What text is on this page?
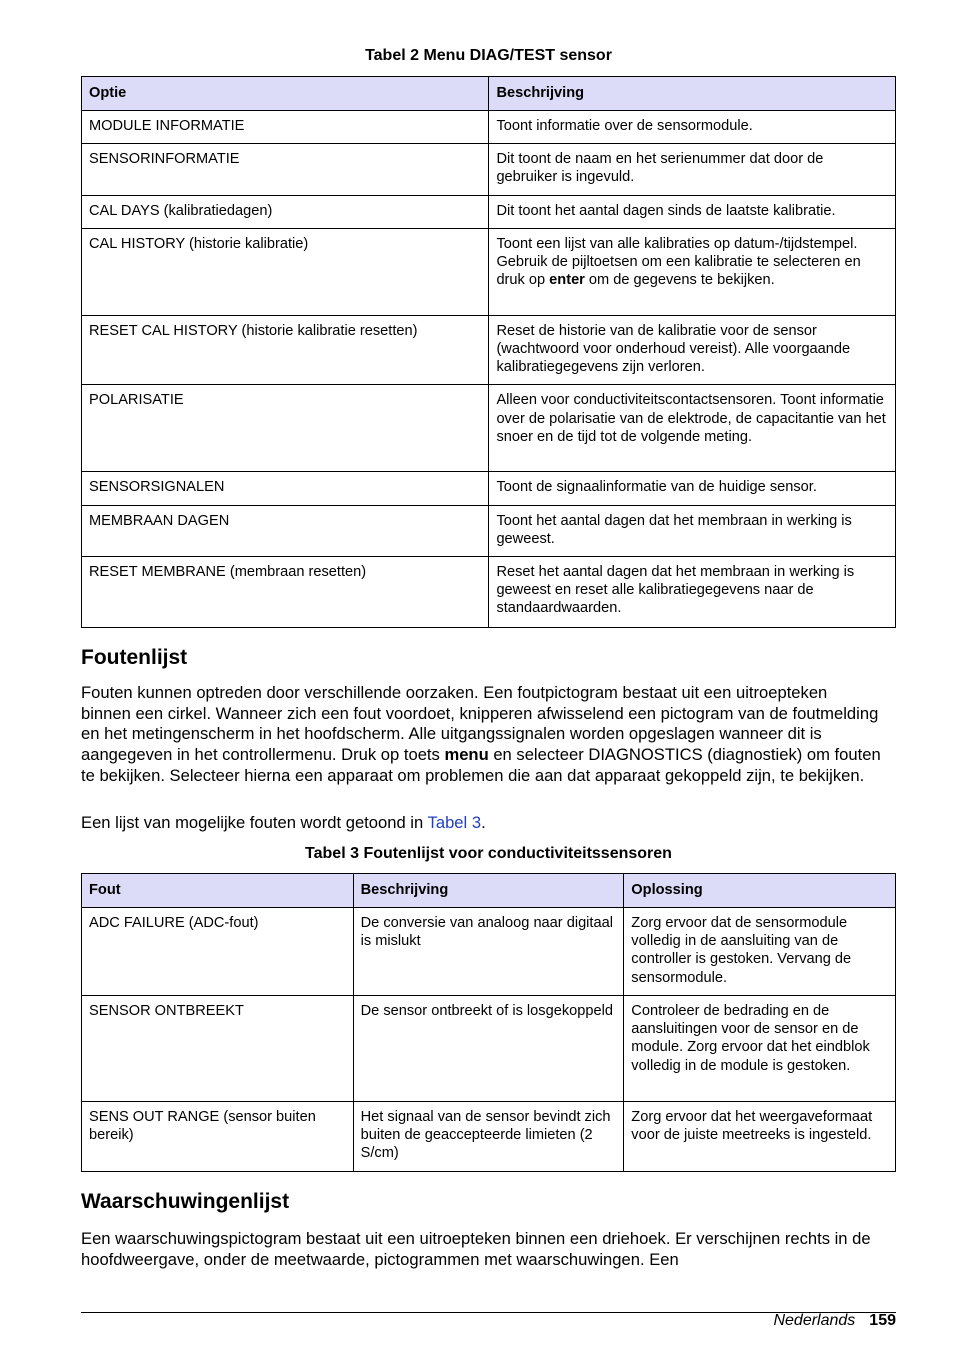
Tabel 2 Menu DIAG/TEST sensor
Optie	Beschrijving
MODULE INFORMATIE	Toont informatie over de sensormodule.
SENSORINFORMATIE	Dit toont de naam en het serienummer dat door de gebruiker is ingevuld.
CAL DAYS (kalibratiedagen)	Dit toont het aantal dagen sinds de laatste kalibratie.
CAL HISTORY (historie kalibratie)	Toont een lijst van alle kalibraties op datum-/tijdstempel. Gebruik de pijltoetsen om een kalibratie te selecteren en druk op enter om de gegevens te bekijken.
RESET CAL HISTORY (historie kalibratie resetten)	Reset de historie van de kalibratie voor de sensor (wachtwoord voor onderhoud vereist). Alle voorgaande kalibratiegegevens zijn verloren.
POLARISATIE	Alleen voor conductiviteitscontactsensoren. Toont informatie over de polarisatie van de elektrode, de capacitantie van het snoer en de tijd tot de volgende meting.
SENSORSIGNALEN	Toont de signaalinformatie van de huidige sensor.
MEMBRAAN DAGEN	Toont het aantal dagen dat het membraan in werking is geweest.
RESET MEMBRANE (membraan resetten)	Reset het aantal dagen dat het membraan in werking is geweest en reset alle kalibratiegegevens naar de standaardwaarden.
Foutenlijst

Fouten kunnen optreden door verschillende oorzaken. Een foutpictogram bestaat uit een uitroepteken binnen een cirkel. Wanneer zich een fout voordoet, knipperen afwisselend een pictogram van de foutmelding en het metingenscherm in het hoofdscherm. Alle uitgangssignalen worden opgeslagen wanneer dit is aangegeven in het controllermenu. Druk op toets menu en selecteer DIAGNOSTICS (diagnostiek) om fouten te bekijken. Selecteer hierna een apparaat om problemen die aan dat apparaat gekoppeld zijn, te bekijken.

Een lijst van mogelijke fouten wordt getoond in Tabel 3.

Tabel 3 Foutenlijst voor conductiviteitssensoren
Fout	Beschrijving	Oplossing
ADC FAILURE (ADC-fout)	De conversie van analoog naar digitaal is mislukt	Zorg ervoor dat de sensormodule volledig in de aansluiting van de controller is gestoken. Vervang de sensormodule.
SENSOR ONTBREEKT	De sensor ontbreekt of is losgekoppeld	Controleer de bedrading en de aansluitingen voor de sensor en de module. Zorg ervoor dat het eindblok volledig in de module is gestoken.
SENS OUT RANGE (sensor buiten bereik)	Het signaal van de sensor bevindt zich buiten de geaccepteerde limieten (2 S/cm)	Zorg ervoor dat het weergaveformaat voor de juiste meetreeks is ingesteld.
Waarschuwingenlijst

Een waarschuwingspictogram bestaat uit een uitroepteken binnen een driehoek. Er verschijnen rechts in de hoofdweergave, onder de meetwaarde, pictogrammen met waarschuwingen. Een

Nederlands 159
